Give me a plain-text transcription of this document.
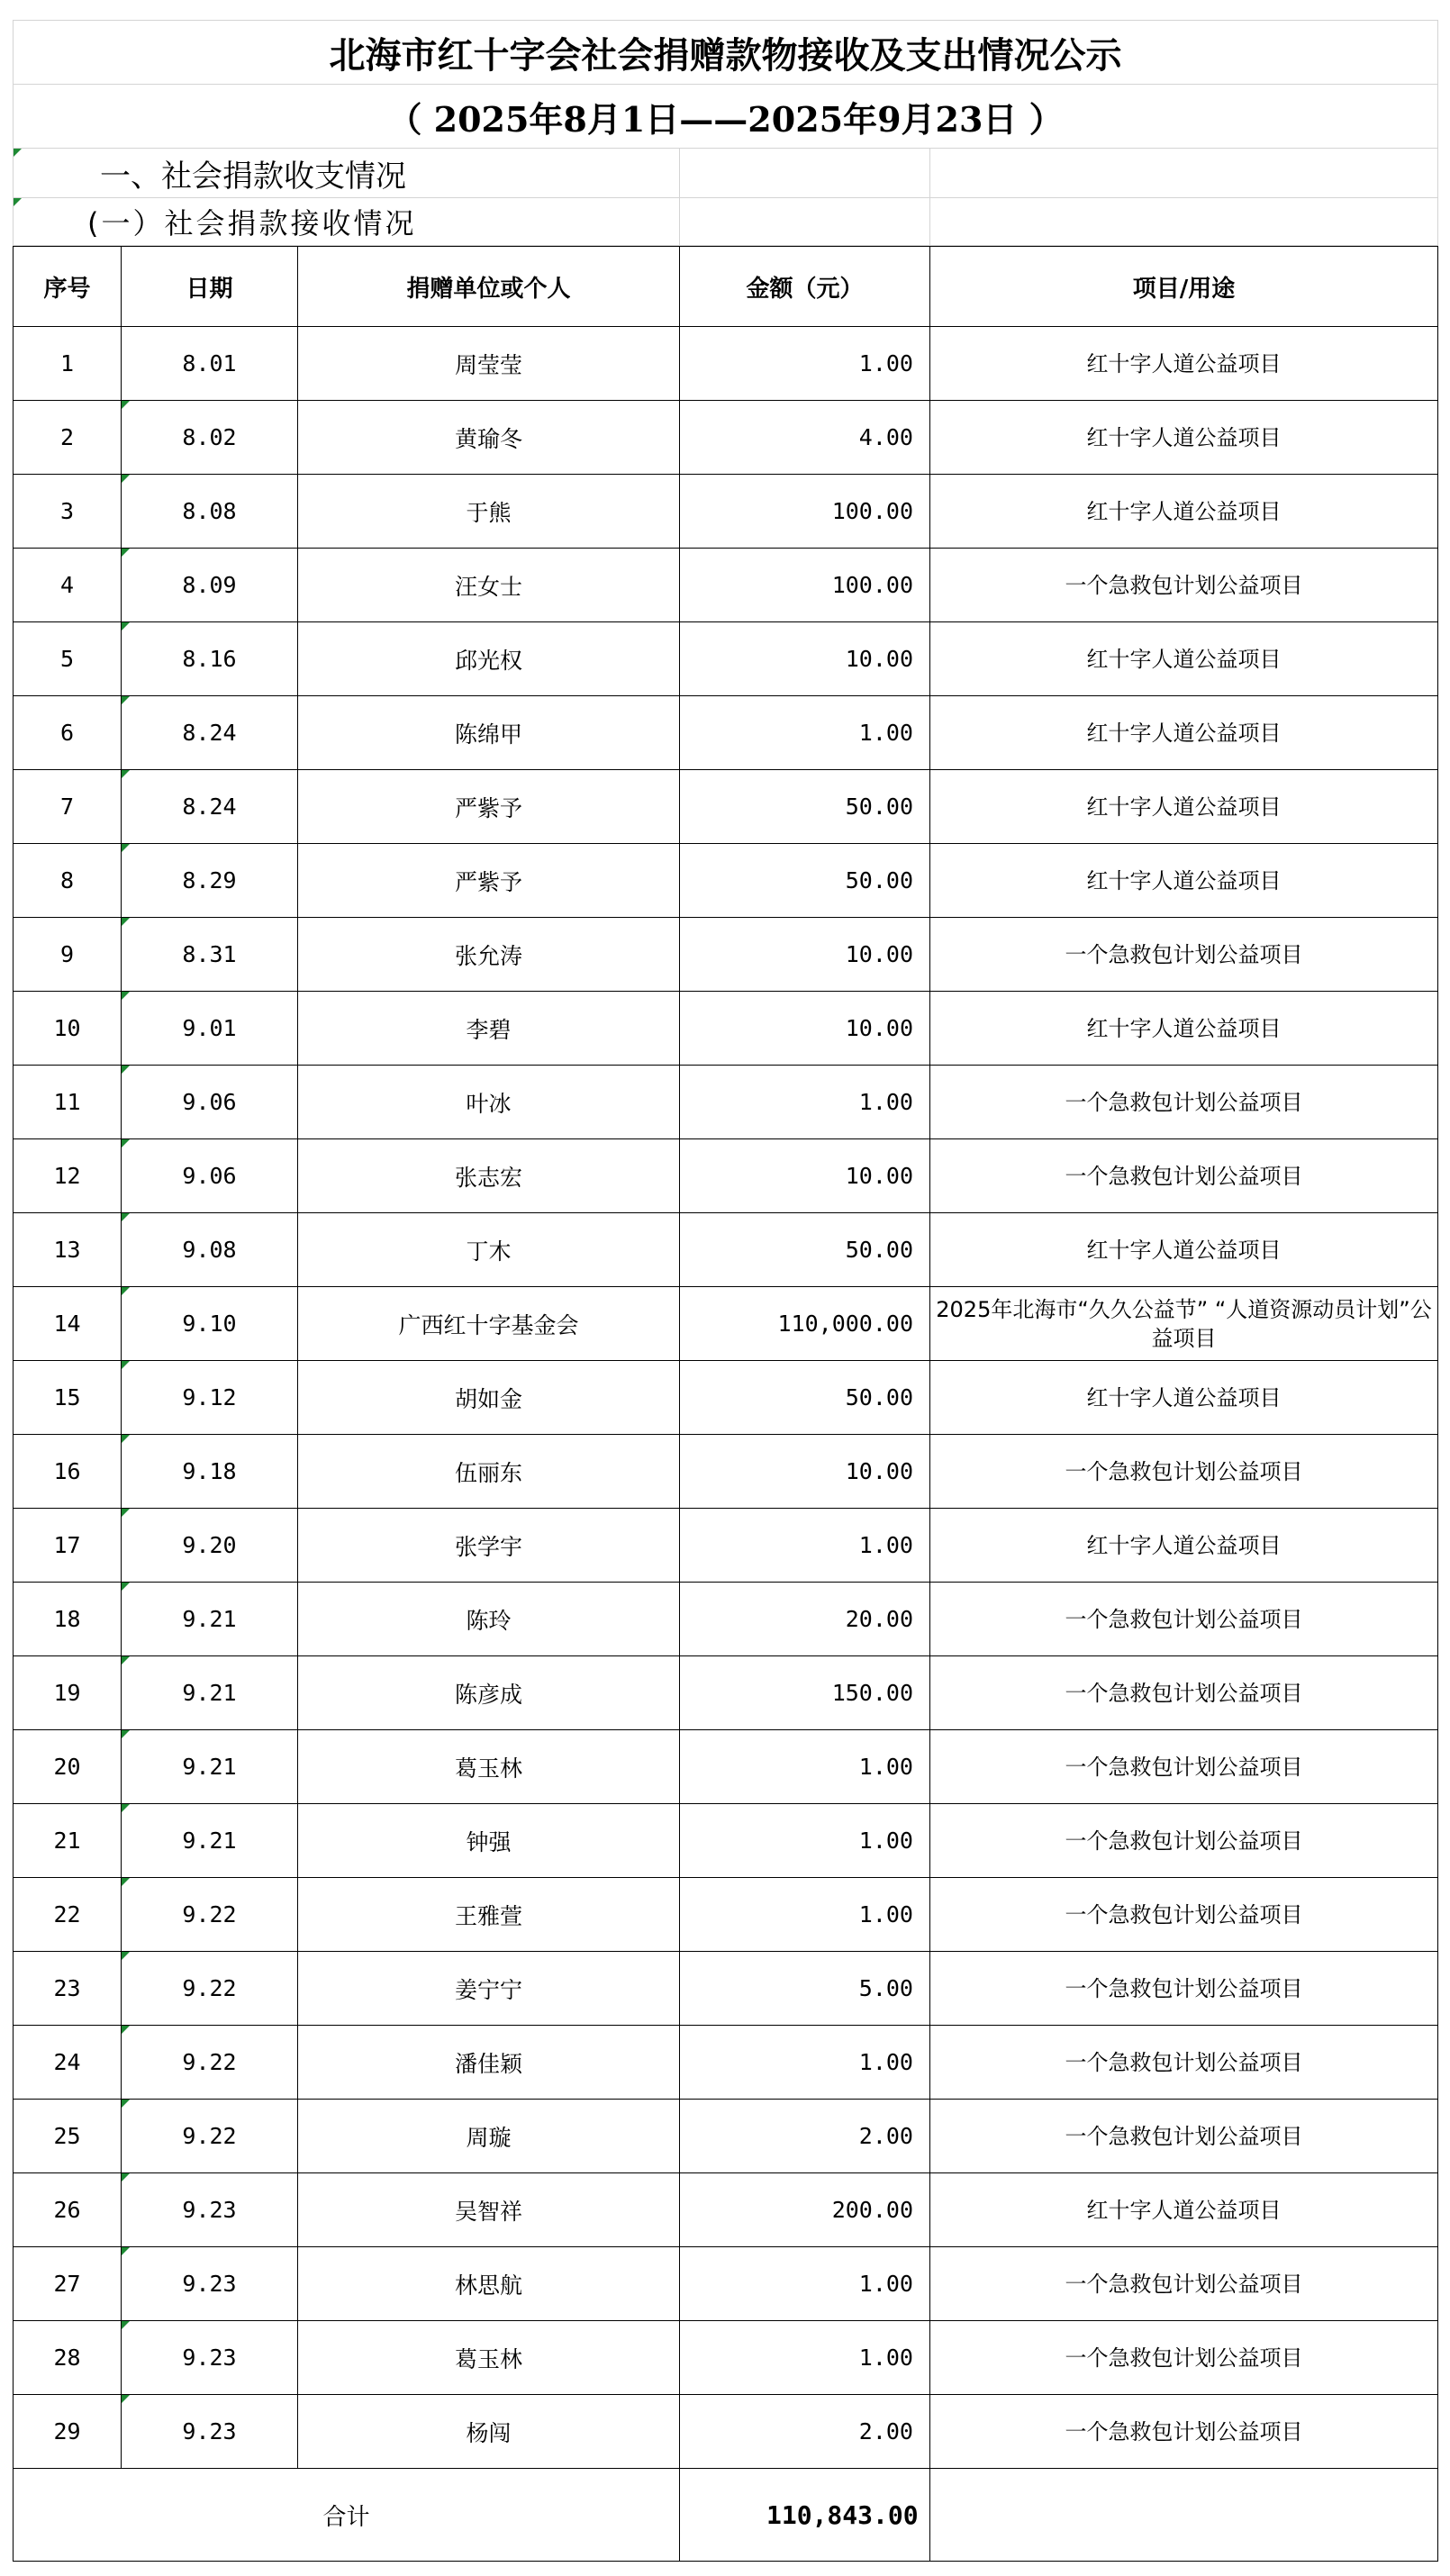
北海市红十字会社会捐赠款物接收及支出情况公示		
（ 2025年8月1日——2025年9月23日 ）		

一、社会捐款收支情况		

(一）社会捐款接收情况		
序号	日期	捐赠单位或个人	金额（元）	项目/用途
1	8.01	周莹莹	1.00	红十字人道公益项目
2	8.02	黄瑜冬	4.00	红十字人道公益项目
3	8.08	于熊	100.00	红十字人道公益项目
4	8.09	汪女士	100.00	一个急救包计划公益项目
5	8.16	邱光权	10.00	红十字人道公益项目
6	8.24	陈绵甲	1.00	红十字人道公益项目
7	8.24	严紫予	50.00	红十字人道公益项目
8	8.29	严紫予	50.00	红十字人道公益项目
9	8.31	张允涛	10.00	一个急救包计划公益项目
10	9.01	李碧	10.00	红十字人道公益项目
11	9.06	叶冰	1.00	一个急救包计划公益项目
12	9.06	张志宏	10.00	一个急救包计划公益项目
13	9.08	丁木	50.00	红十字人道公益项目
14	9.10	广西红十字基金会	110,000.00	2025年北海市“久久公益节” “人道资源动员计划”公益项目
15	9.12	胡如金	50.00	红十字人道公益项目
16	9.18	伍丽东	10.00	一个急救包计划公益项目
17	9.20	张学宇	1.00	红十字人道公益项目
18	9.21	陈玲	20.00	一个急救包计划公益项目
19	9.21	陈彦成	150.00	一个急救包计划公益项目
20	9.21	葛玉林	1.00	一个急救包计划公益项目
21	9.21	钟强	1.00	一个急救包计划公益项目
22	9.22	王雅萱	1.00	一个急救包计划公益项目
23	9.22	姜宁宁	5.00	一个急救包计划公益项目
24	9.22	潘佳颖	1.00	一个急救包计划公益项目
25	9.22	周璇	2.00	一个急救包计划公益项目
26	9.23	吴智祥	200.00	红十字人道公益项目
27	9.23	林思航	1.00	一个急救包计划公益项目
28	9.23	葛玉林	1.00	一个急救包计划公益项目
29	9.23	杨闯	2.00	一个急救包计划公益项目
合计			110,843.00	
